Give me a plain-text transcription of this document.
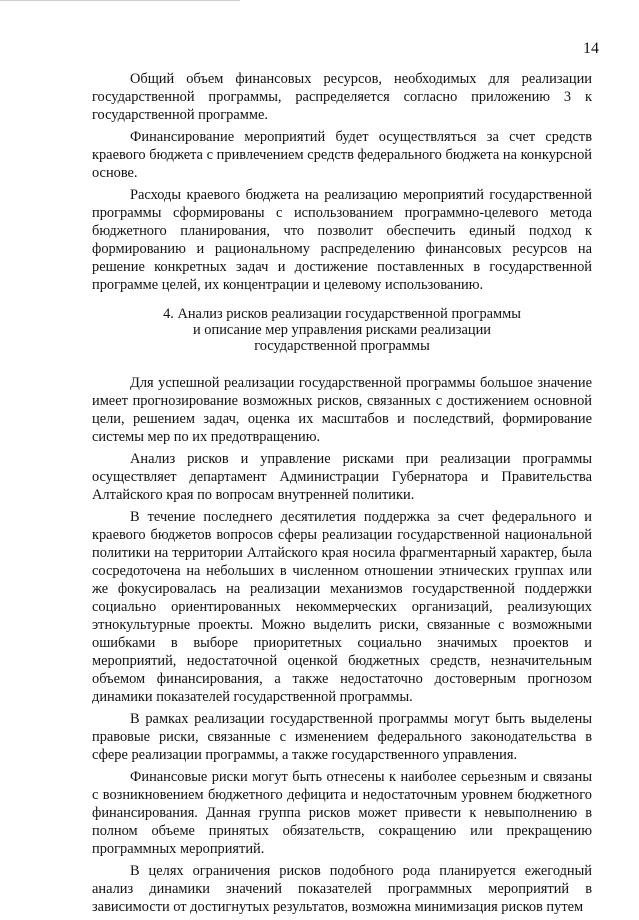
14

Общий объем финансовых ресурсов, необходимых для реализации государственной программы, распределяется согласно приложению 3 к государственной программе.

Финансирование мероприятий будет осуществляться за счет средств краевого бюджета с привлечением средств федерального бюджета на конкурсной основе.

Расходы краевого бюджета на реализацию мероприятий государственной программы сформированы с использованием программно-целевого метода бюджетного планирования, что позволит обеспечить единый подход к формированию и рациональному распределению финансовых ресурсов на решение конкретных задач и достижение поставленных в государственной программе целей, их концентрации и целевому использованию.

4. Анализ рисков реализации государственной программы
и описание мер управления рисками реализации
государственной программы

Для успешной реализации государственной программы большое значение имеет прогнозирование возможных рисков, связанных с достижением основной цели, решением задач, оценка их масштабов и последствий, формирование системы мер по их предотвращению.

Анализ рисков и управление рисками при реализации программы осуществляет департамент Администрации Губернатора и Правительства Алтайского края по вопросам внутренней политики.

В течение последнего десятилетия поддержка за счет федерального и краевого бюджетов вопросов сферы реализации государственной национальной политики на территории Алтайского края носила фрагментарный характер, была сосредоточена на небольших в численном отношении этнических группах или же фокусировалась на реализации механизмов государственной поддержки социально ориентированных некоммерческих организаций, реализующих этнокультурные проекты. Можно выделить риски, связанные с возможными ошибками в выборе приоритетных социально значимых проектов и мероприятий, недостаточной оценкой бюджетных средств, незначительным объемом финансирования, а также недостаточно достоверным прогнозом динамики показателей государственной программы.

В рамках реализации государственной программы могут быть выделены правовые риски, связанные с изменением федерального законодательства в сфере реализации программы, а также государственного управления.

Финансовые риски могут быть отнесены к наиболее серьезным и связаны с возникновением бюджетного дефицита и недостаточным уровнем бюджетного финансирования. Данная группа рисков может привести к невыполнению в полном объеме принятых обязательств, сокращению или прекращению программных мероприятий.

В целях ограничения рисков подобного рода планируется ежегодный анализ динамики значений показателей программных мероприятий в зависимости от достигнутых результатов, возможна минимизация рисков путем
